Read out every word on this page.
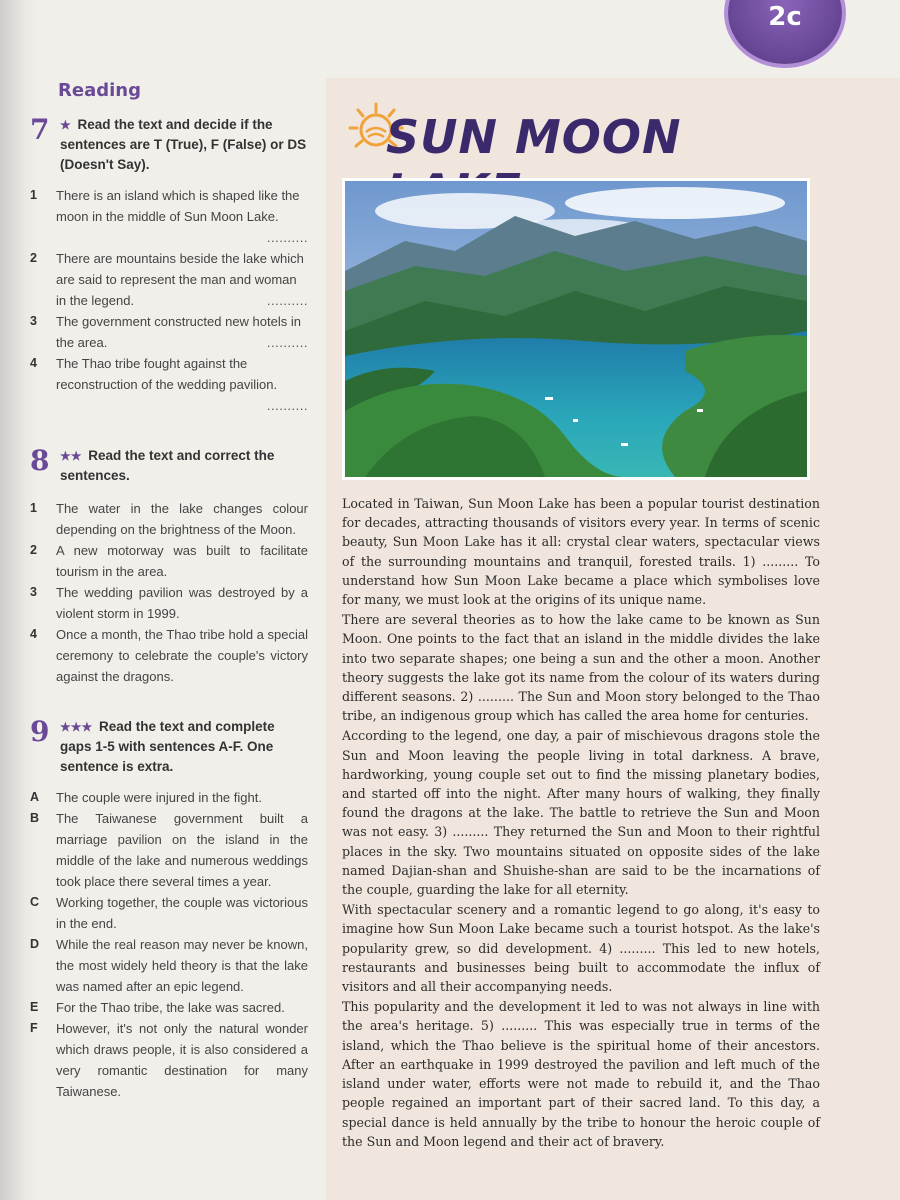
2c
Reading
7 ★ Read the text and decide if the sentences are T (True), F (False) or DS (Doesn't Say).
1	There is an island which is shaped like the moon in the middle of Sun Moon Lake.
..........
2	There are mountains beside the lake which are said to represent the man and woman in the legend.	..........
3	The government constructed new hotels in the area.	..........
4	The Thao tribe fought against the reconstruction of the wedding pavilion.
..........
8 ★★ Read the text and correct the sentences.
1	The water in the lake changes colour depending on the brightness of the Moon.
2	A new motorway was built to facilitate tourism in the area.
3	The wedding pavilion was destroyed by a violent storm in 1999.
4	Once a month, the Thao tribe hold a special ceremony to celebrate the couple's victory against the dragons.
9 ★★★ Read the text and complete gaps 1-5 with sentences A-F. One sentence is extra.
A	The couple were injured in the fight.
B	The Taiwanese government built a marriage pavilion on the island in the middle of the lake and numerous weddings took place there several times a year.
C	Working together, the couple was victorious in the end.
D	While the real reason may never be known, the most widely held theory is that the lake was named after an epic legend.
E	For the Thao tribe, the lake was sacred.
F	However, it's not only the natural wonder which draws people, it is also considered a very romantic destination for many Taiwanese.
SUN MOON

Located in Taiwan, Sun Moon Lake has been a popular tourist destination for decades, attracting thousands of visitors every year. In terms of scenic beauty, Sun Moon Lake has it all: crystal clear waters, spectacular views of the surrounding mountains and tranquil, forested trails. 1) ......... To understand how Sun Moon Lake became a place which symbolises love for many, we must look at the origins of its unique name.

There are several theories as to how the lake came to be known as Sun Moon. One points to the fact that an island in the middle divides the lake into two separate shapes; one being a sun and the other a moon. Another theory suggests the lake got its name from the colour of its waters during different seasons. 2) ......... The Sun and Moon story belonged to the Thao tribe, an indigenous group which has called the area home for centuries.

According to the legend, one day, a pair of mischievous dragons stole the Sun and Moon leaving the people living in total darkness. A brave, hardworking, young couple set out to find the missing planetary bodies, and started off into the night. After many hours of walking, they finally found the dragons at the lake. The battle to retrieve the Sun and Moon was not easy. 3) ......... They returned the Sun and Moon to their rightful places in the sky. Two mountains situated on opposite sides of the lake named Dajian-shan and Shuishe-shan are said to be the incarnations of the couple, guarding the lake for all eternity.

With spectacular scenery and a romantic legend to go along, it's easy to imagine how Sun Moon Lake became such a tourist hotspot. As the lake's popularity grew, so did development. 4) ......... This led to new hotels, restaurants and businesses being built to accommodate the influx of visitors and all their accompanying needs.

This popularity and the development it led to was not always in line with the area's heritage. 5) ......... This was especially true in terms of the island, which the Thao believe is the spiritual home of their ancestors. After an earthquake in 1999 destroyed the pavilion and left much of the island under water, efforts were not made to rebuild it, and the Thao people regained an important part of their sacred land. To this day, a special dance is held annually by the tribe to honour the heroic couple of the Sun and Moon legend and their act of bravery.
